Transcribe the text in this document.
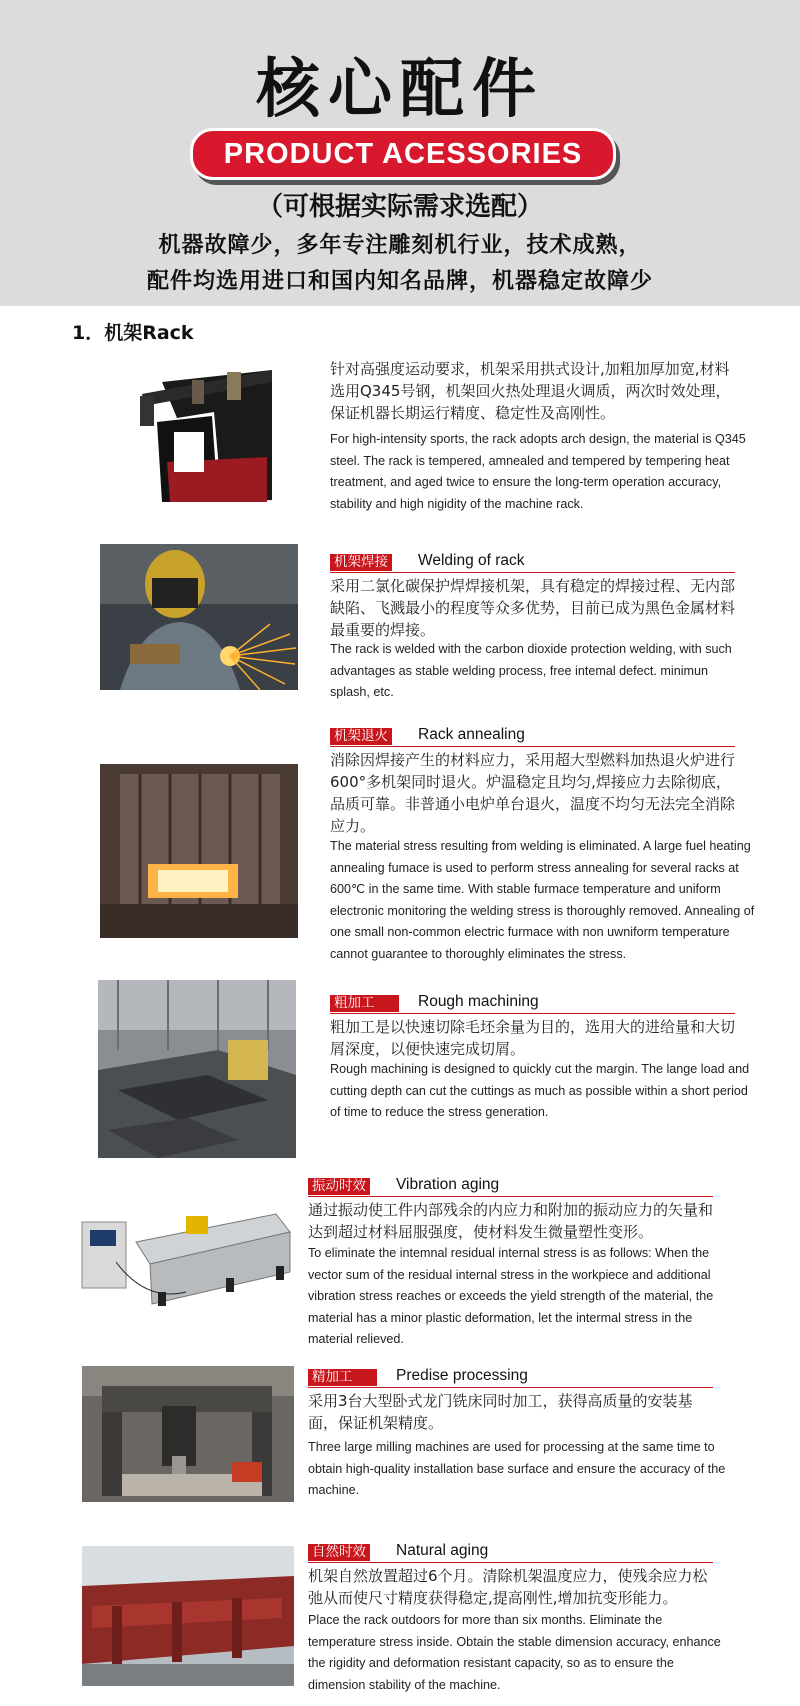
核心配件
PRODUCT ACESSORIES
（可根据实际需求选配）
机器故障少，多年专注雕刻机行业，技术成熟，
配件均选用进口和国内知名品牌，机器稳定故障少
1．机架Rack
针对高强度运动要求，机架采用拱式设计,加粗加厚加宽,材料选用Q345号钢，机架回火热处理退火调质，两次时效处理，保证机器长期运行精度、稳定性及高刚性。
For high-intensity sports, the rack adopts arch design, the material is Q345 steel. The rack is tempered, amnealed and tempered by tempering heat treatment, and aged twice to ensure the long-term operation accuracy, stability and high nigidity of the machine rack.
机架焊接 Welding of rack
采用二氯化碳保护焊焊接机架，具有稳定的焊接过程、无内部缺陷、飞溅最小的程度等众多优势，目前已成为黑色金属材料最重要的焊接。
The rack is welded with the carbon dioxide protection welding, with such advantages as stable welding process, free intemal defect. minimun splash, etc.
机架退火 Rack annealing
消除因焊接产生的材料应力，采用超大型燃料加热退火炉进行600°多机架同时退火。炉温稳定且均匀,焊接应力去除彻底，品质可靠。非普通小电炉单台退火，温度不均匀无法完全消除应力。
The material stress resulting from welding is eliminated. A large fuel heating annealing fumace is used to perform stress annealing for several racks at 600℃ in the same time. With stable furmace temperature and uniform electronic monitoring the welding stress is thoroughly removed. Annealing of one small non-common electric furmace with non uwniform temperature cannot guarantee to thoroughly eliminates the stress.
粗加工	Rough machining
粗加工是以快速切除毛坯余量为目的，选用大的进给量和大切屑深度，以便快速完成切屑。
Rough machining is designed to quickly cut the margin. The lange load and cutting depth can cut the cuttings as much as possible within a short period of time to reduce the stress generation.
振动时效 Vibration aging
通过振动使工件内部残余的内应力和附加的振动应力的矢量和达到超过材料屈服强度，使材料发生微量塑性变形。
To eliminate the intemnal residual internal stress is as follows: When the vector sum of the residual internal stress in the workpiece and additional vibration stress reaches or exceeds the yield strength of the material, the material has a minor plastic deformation, let the intermal stress in the material relieved.
精加工	Predise processing
采用3台大型卧式龙门铣床同时加工，获得高质量的安装基面，保证机架精度。
Three large milling machines are used for processing at the same time to obtain high-quality installation base surface and ensure the accuracy of the machine.
自然时效 Natural aging
机架自然放置超过6个月。清除机架温度应力，使残余应力松弛从而使尺寸精度获得稳定,提高刚性,增加抗变形能力。
Place the rack outdoors for more than six months. Eliminate the temperature stress inside. Obtain the stable dimension accuracy, enhance the rigidity and deformation resistant capacity, so as to ensure the dimension stability of the machine.
